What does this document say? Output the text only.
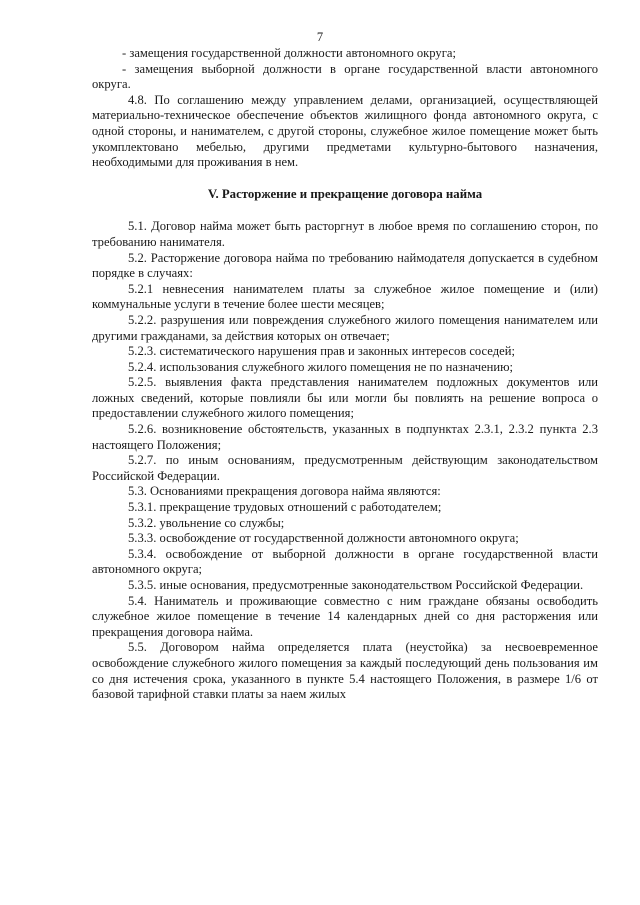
7

- замещения государственной должности автономного округа;

- замещения выборной должности в органе государственной власти автономного округа.

4.8. По соглашению между управлением делами, организацией, осуществляющей материально-техническое обеспечение объектов жилищного фонда автономного округа, с одной стороны, и нанимателем, с другой стороны, служебное жилое помещение может быть укомплектовано мебелью, другими предметами культурно-бытового назначения, необходимыми для проживания в нем.

V. Расторжение и прекращение договора найма

5.1. Договор найма может быть расторгнут в любое время по соглашению сторон, по требованию нанимателя.

5.2. Расторжение договора найма по требованию наймодателя допускается в судебном порядке в случаях:

5.2.1 невнесения нанимателем платы за служебное жилое помещение и (или) коммунальные услуги в течение более шести месяцев;

5.2.2. разрушения или повреждения служебного жилого помещения нанимателем или другими гражданами, за действия которых он отвечает;

5.2.3. систематического нарушения прав и законных интересов соседей;

5.2.4. использования служебного жилого помещения не по назначению;

5.2.5. выявления факта представления нанимателем подложных документов или ложных сведений, которые повлияли бы или могли бы повлиять на решение вопроса о предоставлении служебного жилого помещения;

5.2.6. возникновение обстоятельств, указанных в подпунктах 2.3.1, 2.3.2 пункта 2.3 настоящего Положения;

5.2.7. по иным основаниям, предусмотренным действующим законодательством Российской Федерации.

5.3. Основаниями прекращения договора найма являются:

5.3.1. прекращение трудовых отношений с работодателем;

5.3.2. увольнение со службы;

5.3.3. освобождение от государственной должности автономного округа;

5.3.4. освобождение от выборной должности в органе государственной власти автономного округа;

5.3.5. иные основания, предусмотренные законодательством Российской Федерации.

5.4. Наниматель и проживающие совместно с ним граждане обязаны освободить служебное жилое помещение в течение 14 календарных дней со дня расторжения или прекращения договора найма.

5.5. Договором найма определяется плата (неустойка) за несвоевременное освобождение служебного жилого помещения за каждый последующий день пользования им со дня истечения срока, указанного в пункте 5.4 настоящего Положения, в размере 1/6 от базовой тарифной ставки платы за наем жилых
